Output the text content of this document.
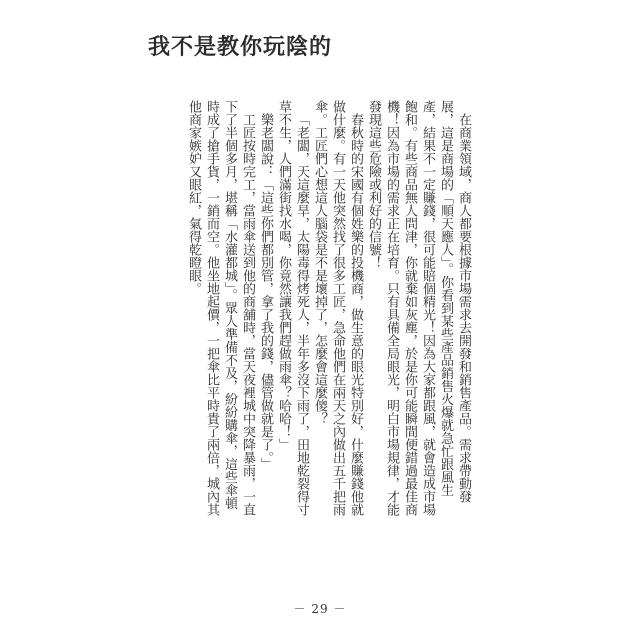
我不是教你玩陰的

在商業領域，商人都要根據市場需求去開發和銷售產品。需求帶動發展，這是商場的「順天應人」。你看到某些產品銷售火爆就急忙跟風生產，結果不一定賺錢，很可能賠個精光！因為大家都跟風，就會造成市場飽和。有些商品無人問津，你就棄如灰塵，於是你可能瞬間便錯過最佳商機！因為市場的需求正在培育。只有具備全局眼光，明白市場規律，才能發現這些危險或利好的信號！

春秋時的宋國有個姓樂的投機商，做生意的眼光特別好，什麼賺錢他就做什麼。有一天他突然找了很多工匠，急命他們在兩天之內做出五千把雨傘。工匠們心想這人腦袋是不是壞掉了，怎麼會這麼傻？

「老闆，天這麼旱，太陽毒得烤死人，半年多沒下雨了，田地乾裂得寸草不生，人們滿街找水喝，你竟然讓我們趕做雨傘？哈哈！」

樂老闆說：「這些你們都別管，拿了我的錢，儘管做就是了。」

工匠按時完工，當雨傘送到他的商舖時，當天夜裡城中突降暴雨，一直下了半個多月，堪稱「水灌都城」。眾人準備不及，紛紛購傘，這些傘頓時成了搶手貨，一銷而空。他坐地起價，一把傘比平時貴了兩倍，城內其他商家嫉妒又眼紅，氣得乾瞪眼。

－ 29 －
